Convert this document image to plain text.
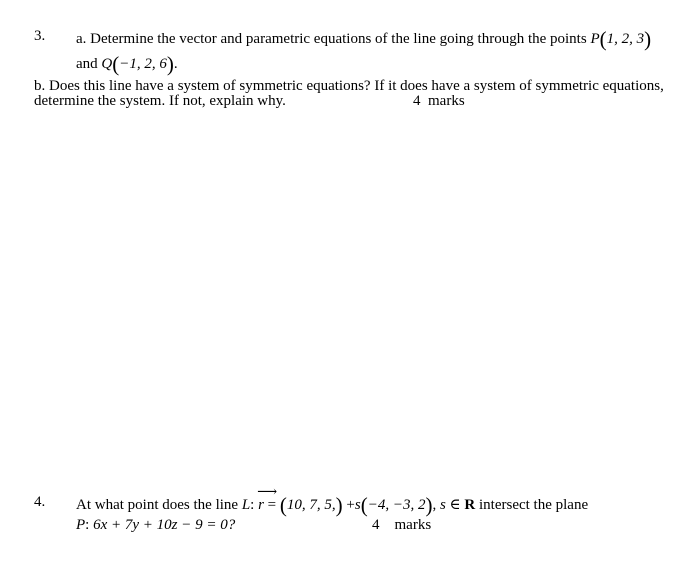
3. a. Determine the vector and parametric equations of the line going through the points P(1, 2, 3)
and Q(−1, 2, 6).
b. Does this line have a system of symmetric equations? If it does have a system of symmetric equations,
determine the system. If not, explain why.	4 marks
4. At what point does the line L:
⟶
r = (10, 7, 5,) +s(−4, −3, 2), s ∈ R intersect the plane
P: 6x + 7y + 10z − 9 = 0?	4 marks
